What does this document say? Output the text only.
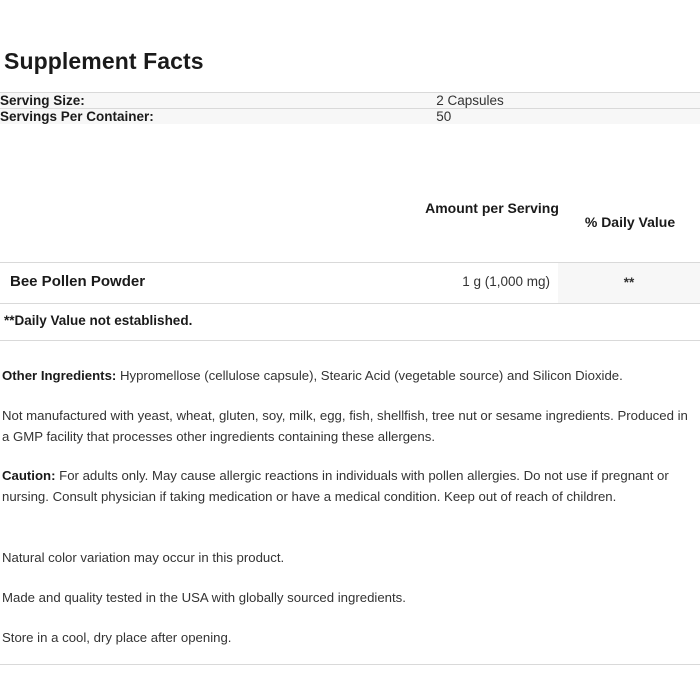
Supplement Facts
Serving Size:	2 Capsules
Servings Per Container:	50
Amount per Serving
% Daily Value
Bee Pollen Powder	1 g (1,000 mg)	**
**Daily Value not established.
Other Ingredients: Hypromellose (cellulose capsule), Stearic Acid (vegetable source) and Silicon Dioxide.
Not manufactured with yeast, wheat, gluten, soy, milk, egg, fish, shellfish, tree nut or sesame ingredients. Produced in a GMP facility that processes other ingredients containing these allergens.
Caution: For adults only. May cause allergic reactions in individuals with pollen allergies. Do not use if pregnant or nursing. Consult physician if taking medication or have a medical condition. Keep out of reach of children.
Natural color variation may occur in this product.
Made and quality tested in the USA with globally sourced ingredients.
Store in a cool, dry place after opening.
